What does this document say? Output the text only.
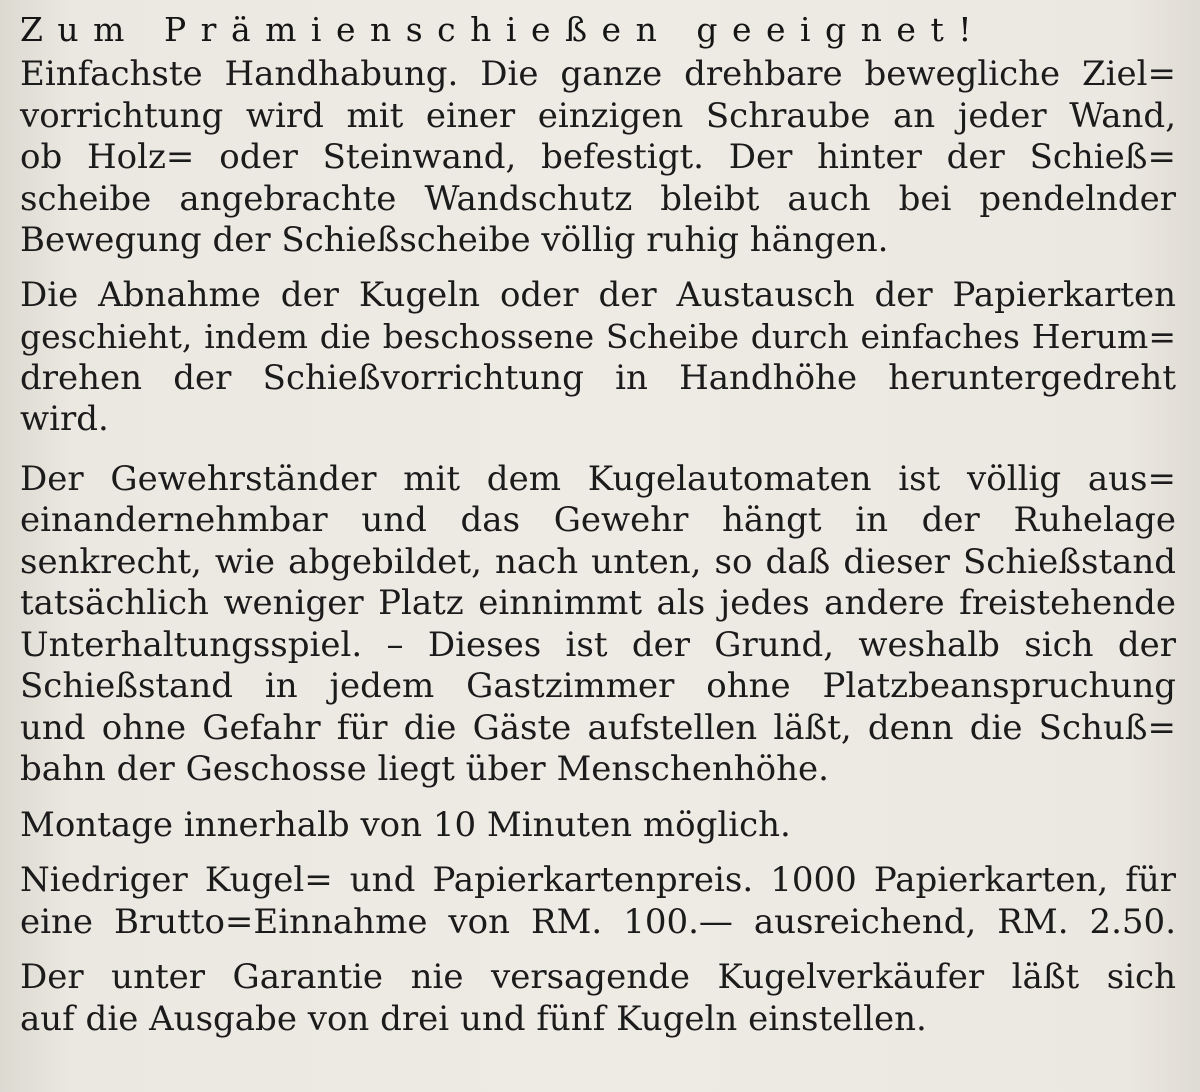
Zum Prämienschießen geeignet!
Einfachste Handhabung. Die ganze drehbare bewegliche Ziel=
vorrichtung wird mit einer einzigen Schraube an jeder Wand,
ob Holz= oder Steinwand, befestigt. Der hinter der Schieß=
scheibe angebrachte Wandschutz bleibt auch bei pendelnder
Bewegung der Schießscheibe völlig ruhig hängen.
Die Abnahme der Kugeln oder der Austausch der Papierkarten
geschieht, indem die beschossene Scheibe durch einfaches Herum=
drehen der Schießvorrichtung in Handhöhe heruntergedreht
wird.
Der Gewehrständer mit dem Kugelautomaten ist völlig aus=
einandernehmbar und das Gewehr hängt in der Ruhelage
senkrecht, wie abgebildet, nach unten, so daß dieser Schießstand
tatsächlich weniger Platz einnimmt als jedes andere freistehende
Unterhaltungsspiel. – Dieses ist der Grund, weshalb sich der
Schießstand in jedem Gastzimmer ohne Platzbeanspruchung
und ohne Gefahr für die Gäste aufstellen läßt, denn die Schuß=
bahn der Geschosse liegt über Menschenhöhe.
Montage innerhalb von 10 Minuten möglich.
Niedriger Kugel= und Papierkartenpreis. 1000 Papierkarten, für
eine Brutto=Einnahme von RM. 100.— ausreichend, RM. 2.50.
Der unter Garantie nie versagende Kugelverkäufer läßt sich
auf die Ausgabe von drei und fünf Kugeln einstellen.
